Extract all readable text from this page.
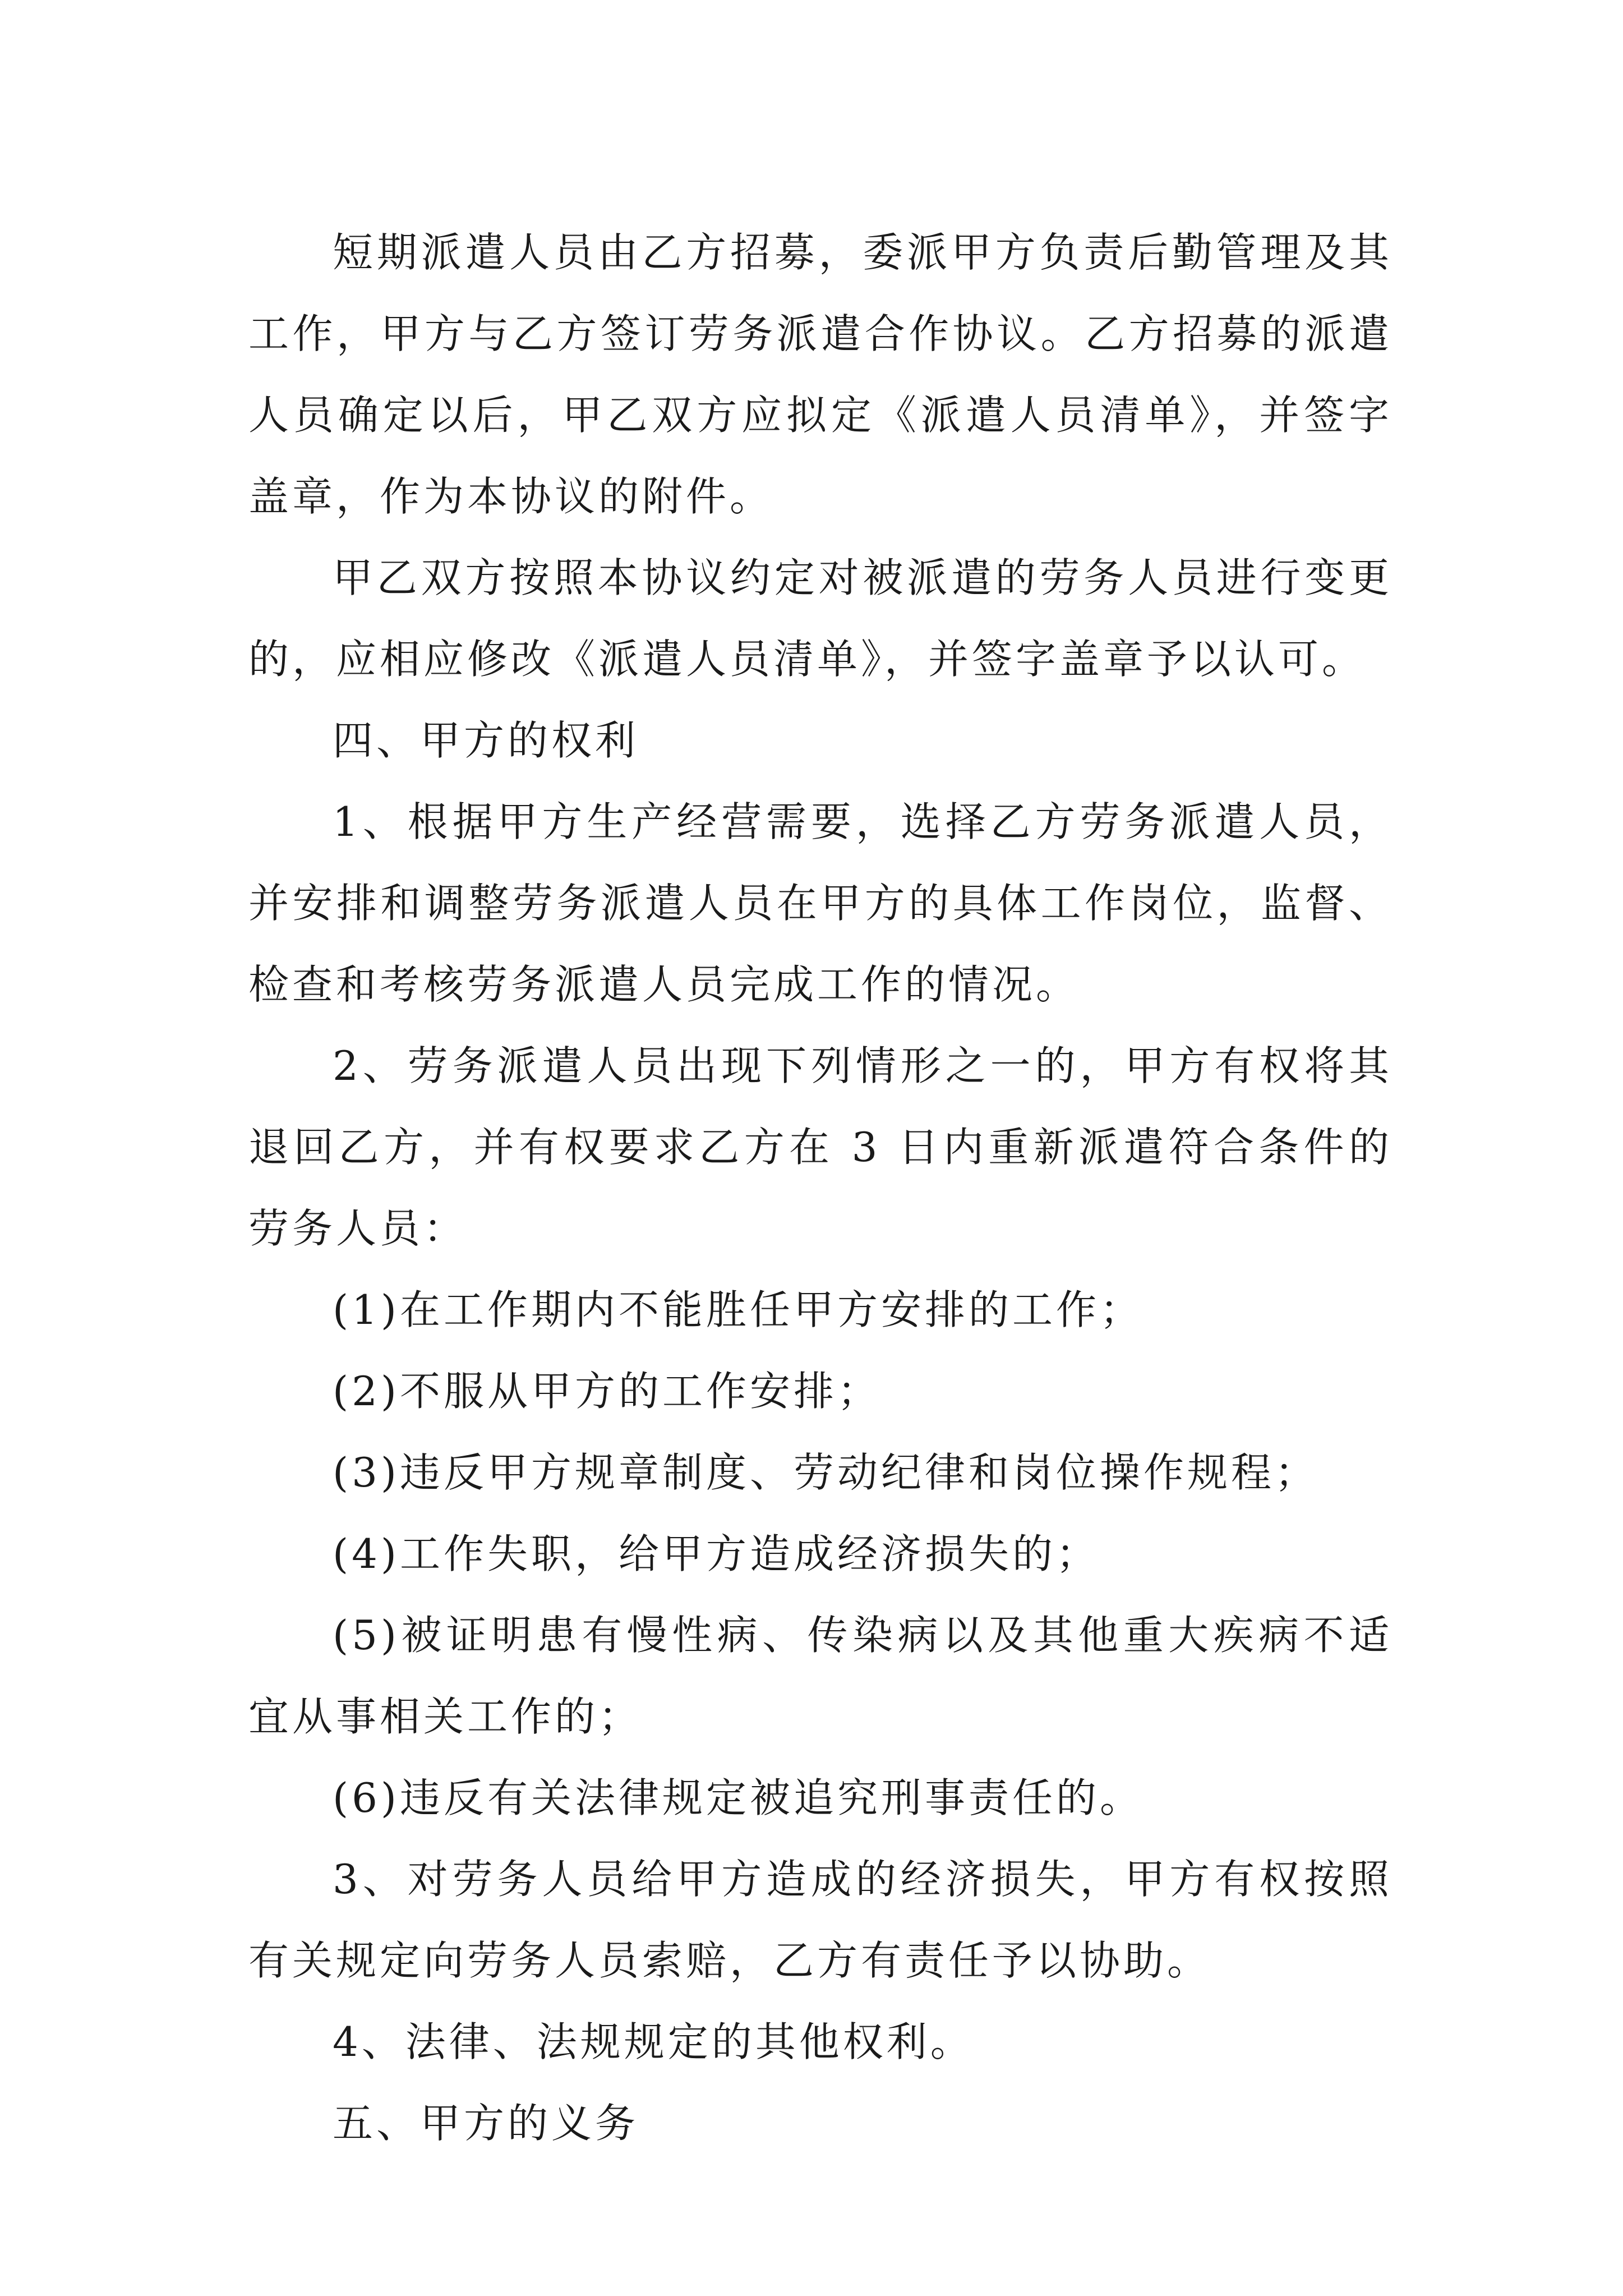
短期派遣人员由乙方招募，委派甲方负责后勤管理及其工作，甲方与乙方签订劳务派遣合作协议。乙方招募的派遣人员确定以后，甲乙双方应拟定《派遣人员清单》，并签字盖章，作为本协议的附件。

甲乙双方按照本协议约定对被派遣的劳务人员进行变更的，应相应修改《派遣人员清单》，并签字盖章予以认可。

四、甲方的权利

1、根据甲方生产经营需要，选择乙方劳务派遣人员，并安排和调整劳务派遣人员在甲方的具体工作岗位，监督、检查和考核劳务派遣人员完成工作的情况。

2、劳务派遣人员出现下列情形之一的，甲方有权将其退回乙方，并有权要求乙方在 3 日内重新派遣符合条件的劳务人员：

(1)在工作期内不能胜任甲方安排的工作；

(2)不服从甲方的工作安排；

(3)违反甲方规章制度、劳动纪律和岗位操作规程；

(4)工作失职，给甲方造成经济损失的；

(5)被证明患有慢性病、传染病以及其他重大疾病不适宜从事相关工作的；

(6)违反有关法律规定被追究刑事责任的。

3、对劳务人员给甲方造成的经济损失，甲方有权按照有关规定向劳务人员索赔，乙方有责任予以协助。

4、法律、法规规定的其他权利。

五、甲方的义务
